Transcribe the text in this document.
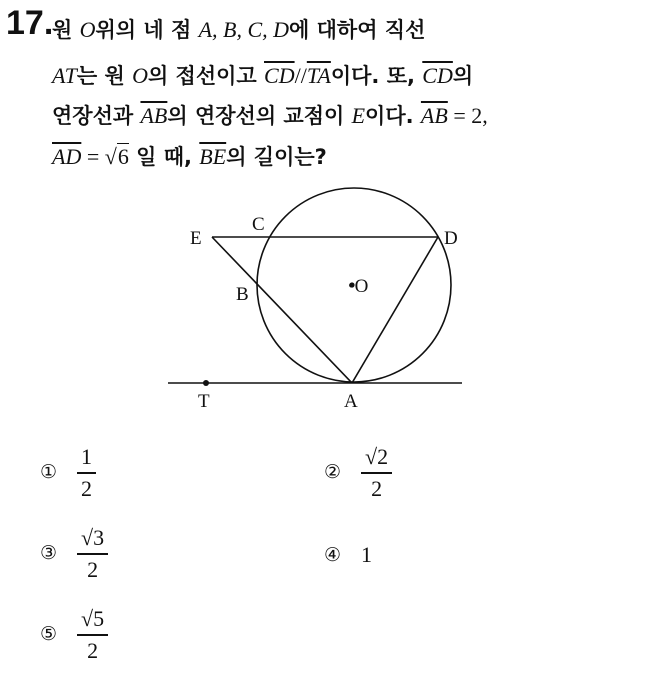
17.
원 O위의 네 점 A, B, C, D에 대하여 직선
AT는 원 O의 접선이고 $\overline{CD}//\overline{TA}$이다. 또, $\overline{CD}$의
연장선과 $\overline{AB}$의 연장선의 교점이 E이다. $\overline{AB} = 2$,
$\overline{AD} = √6$ 일 때, $\overline{BE}$의 길이는?
E
C
D
B	•O
T	A
① $\frac{1}{2}$	② $\frac{√2}{2}$
③ $\frac{√3}{2}$	④ 1
⑤ $\frac{√5}{2}$
